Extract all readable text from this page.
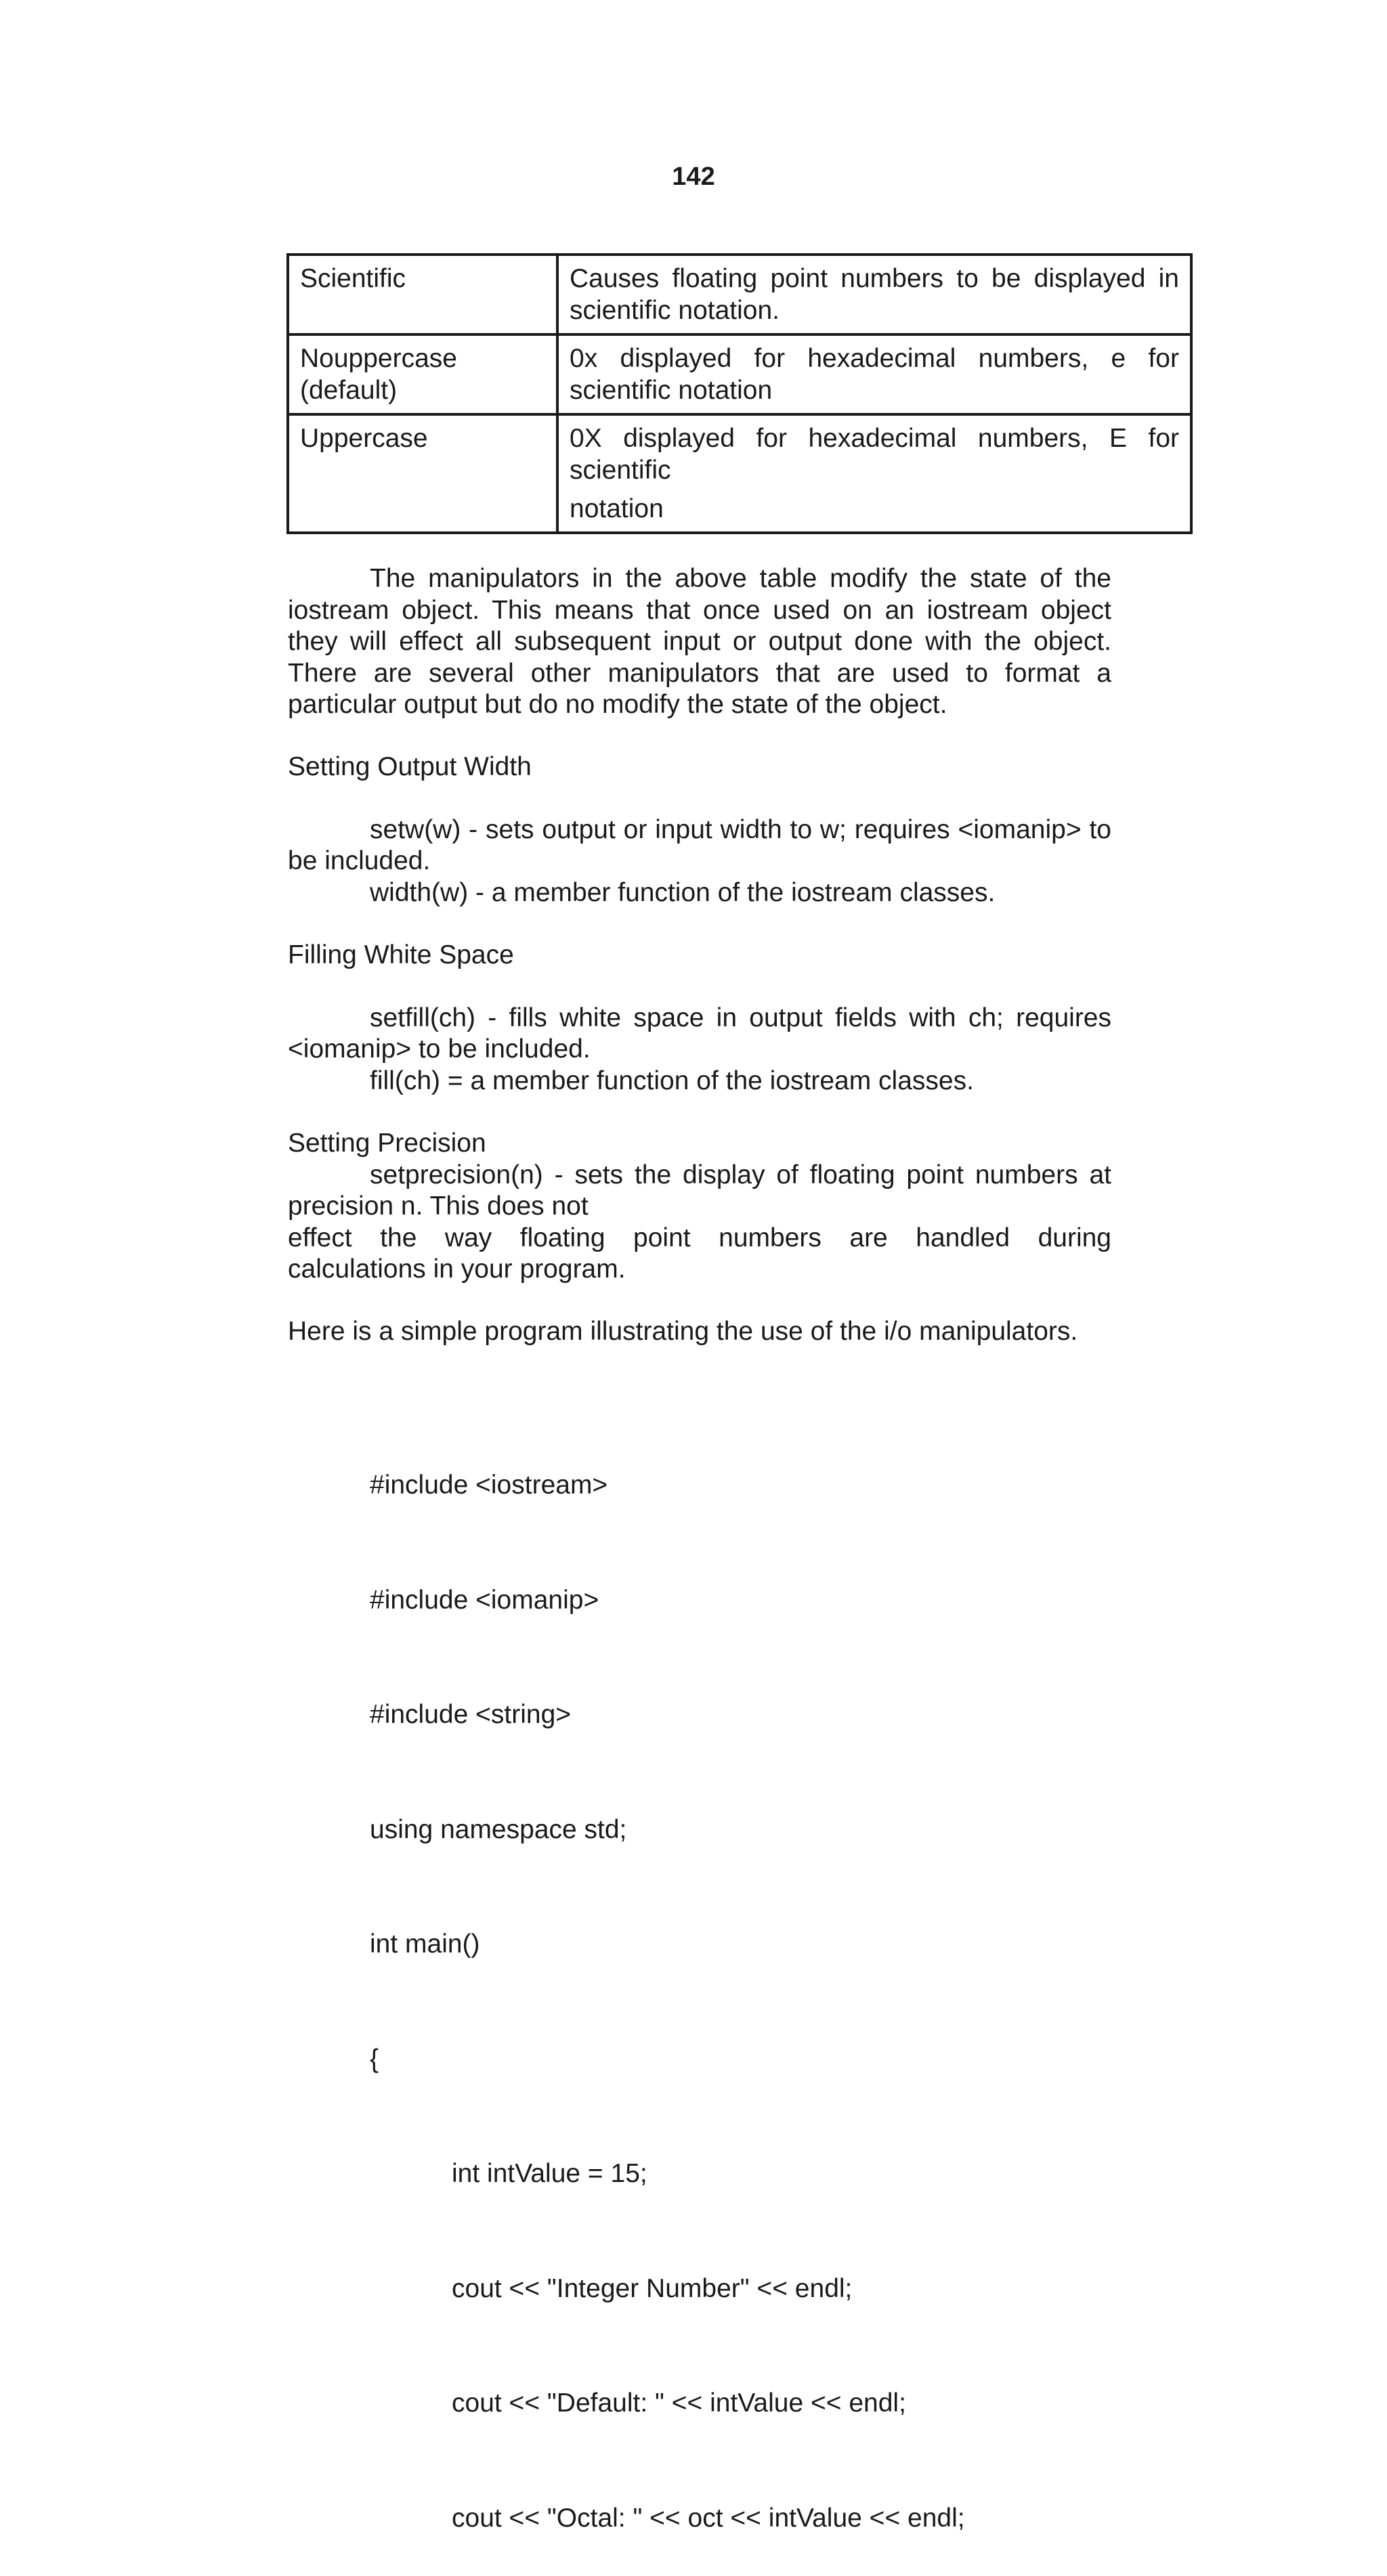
142
Scientific	Causes floating point numbers to be displayed in scientific notation.

Nouppercase
(default)	0x displayed for hexadecimal numbers, e for scientific notation

Uppercase	0X displayed for hexadecimal numbers, E for scientific
notation

The manipulators in the above table modify the state of the iostream object. This means that once used on an iostream object they will effect all subsequent input or output done with the object. There are several other manipulators that are used to format a particular output but do no modify the state of the object.

Setting Output Width

setw(w) - sets output or input width to w; requires <iomanip> to be included.

width(w) - a member function of the iostream classes.

Filling White Space

setfill(ch) - fills white space in output fields with ch; requires <iomanip> to be included.

fill(ch) = a member function of the iostream classes.

Setting Precision

setprecision(n) - sets the display of floating point numbers at precision n. This does not

effect the way floating point numbers are handled during

calculations in your program.

Here is a simple program illustrating the use of the i/o manipulators.

#include <iostream>

#include <iomanip>

#include <string>

using namespace std;

int main()

{

int intValue = 15;

cout << "Integer Number" << endl;

cout << "Default: " << intValue << endl;

cout << "Octal: " << oct << intValue << endl;
